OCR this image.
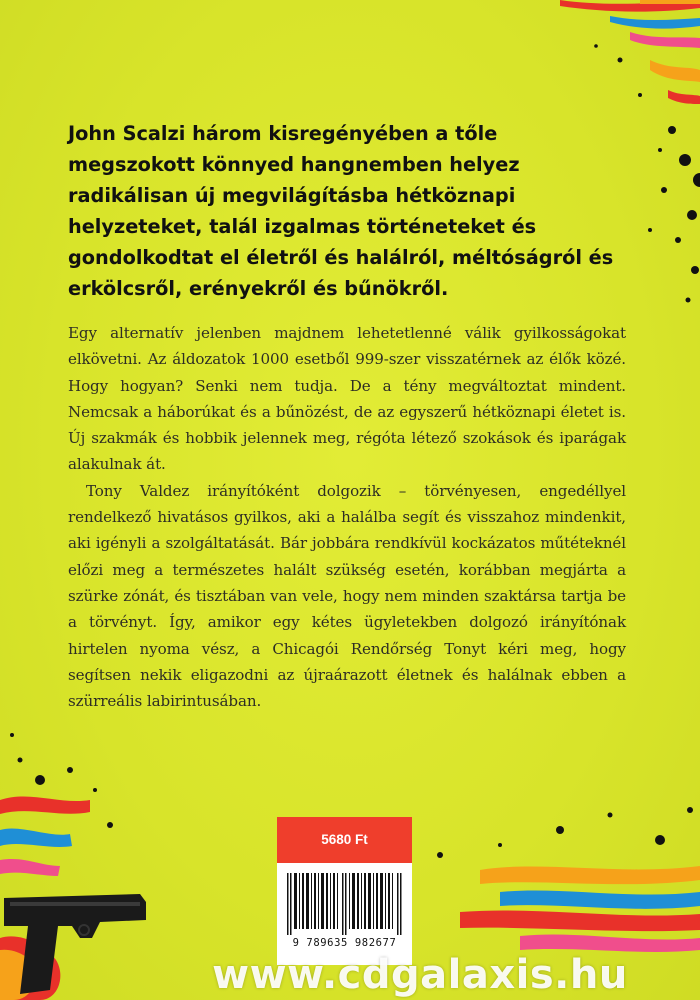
John Scalzi három kisregényében a tőle megszokott könnyed hangnemben helyez radikálisan új megvilágításba hétköznapi helyzeteket, talál izgalmas történeteket és gondolkodtat el életről és halálról, méltóságról és erkölcsről, erényekről és bűnökről.

Egy alternatív jelenben majdnem lehetetlenné válik gyilkosságokat elkövetni. Az áldozatok 1000 esetből 999-szer visszatérnek az élők közé. Hogy hogyan? Senki nem tudja. De a tény megváltoztat mindent. Nemcsak a háborúkat és a bűnözést, de az egyszerű hétköznapi életet is. Új szakmák és hobbik jelennek meg, régóta létező szokások és iparágak alakulnak át.

Tony Valdez irányítóként dolgozik – törvényesen, engedéllyel rendelkező hivatásos gyilkos, aki a halálba segít és visszahoz mindenkit, aki igényli a szolgáltatását. Bár jobbára rendkívül kockázatos műtéteknél előzi meg a természetes halált szükség esetén, korábban megjárta a szürke zónát, és tisztában van vele, hogy nem minden szaktársa tartja be a törvényt. Így, amikor egy kétes ügyletekben dolgozó irányítónak hirtelen nyoma vész, a Chicagói Rendőrség Tonyt kéri meg, hogy segítsen nekik eligazodni az újraárazott életnek és halálnak ebben a szürreális labirintusában.

5680 Ft
9 789635 982677
www.cdgalaxis.hu
